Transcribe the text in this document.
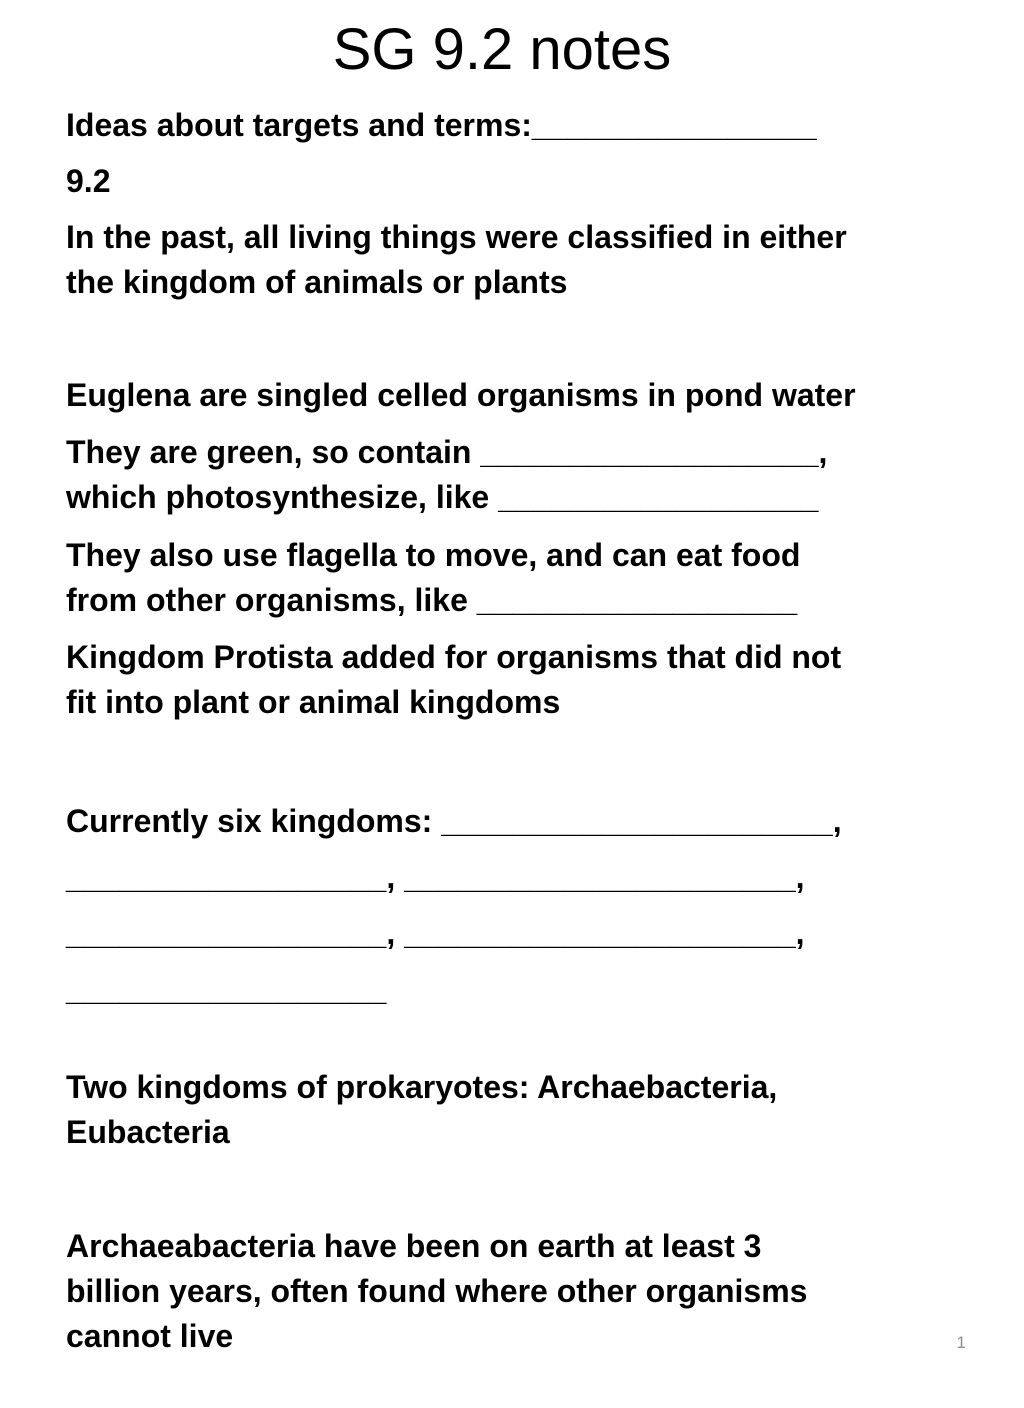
SG 9.2 notes

Ideas about targets and terms:________________

9.2

In the past, all living things were classified in either
the kingdom of animals or plants

Euglena are singled celled organisms in pond water

They are green, so contain ___________________,
which photosynthesize, like __________________

They also use flagella to move, and can eat food
from other organisms, like __________________

Kingdom Protista added for organisms that did not
fit into plant or animal kingdoms

Currently six kingdoms: ______________________,
__________________, ______________________,
__________________, ______________________,
__________________

Two kingdoms of prokaryotes: Archaebacteria,
Eubacteria

Archaeabacteria have been on earth at least 3
billion years, often found where other organisms
cannot live	1
